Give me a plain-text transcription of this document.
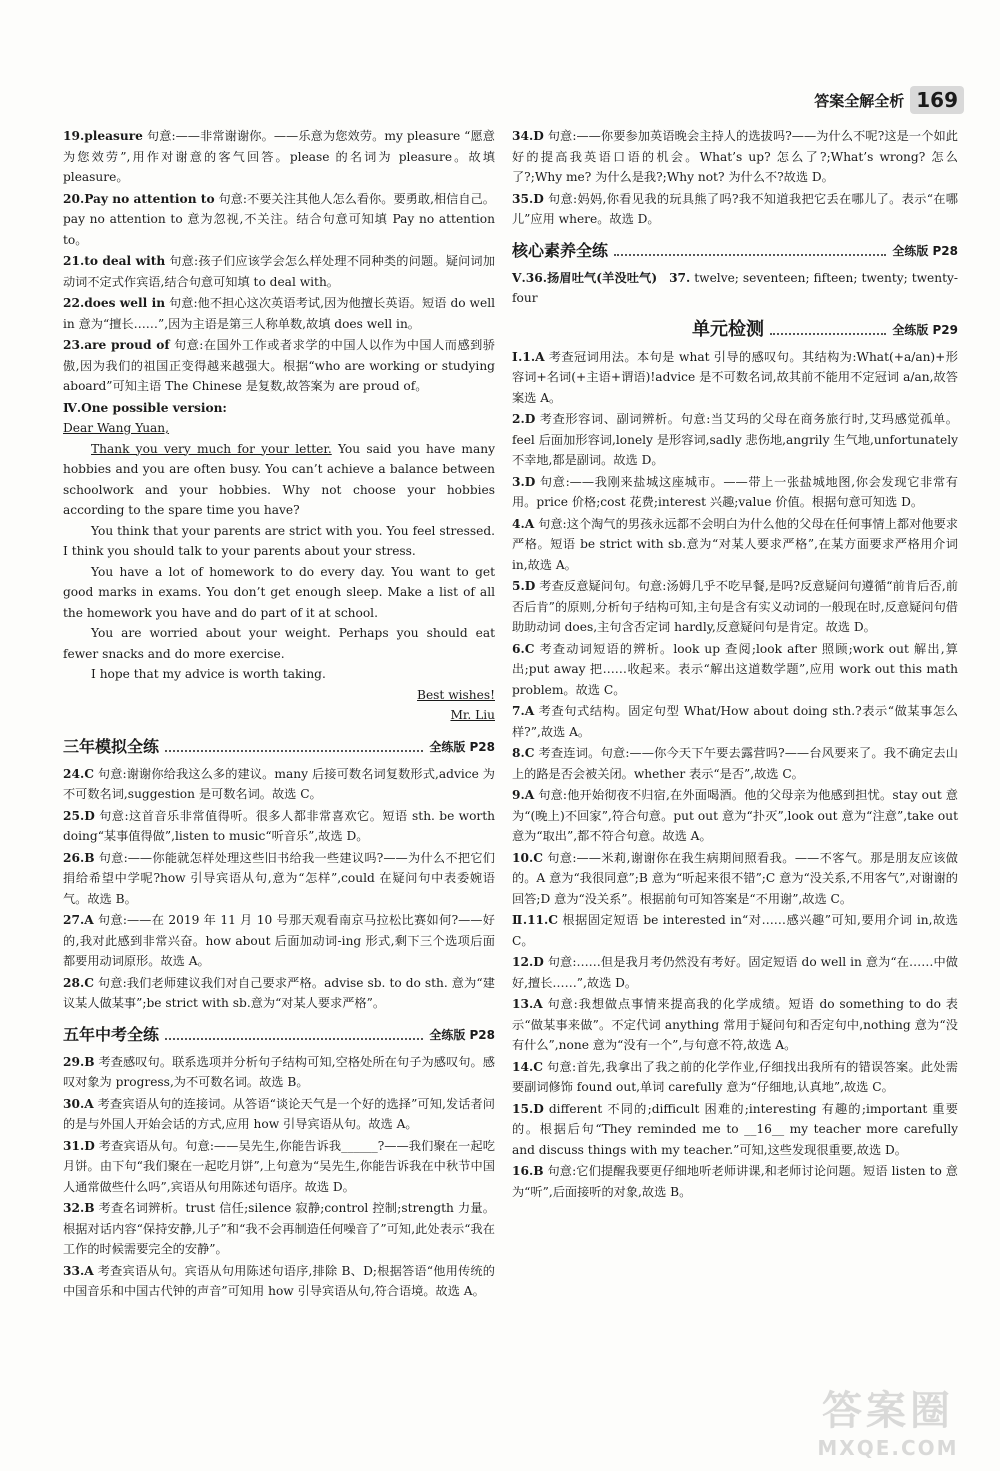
答案全解全析 169
19.pleasure 句意:——非常谢谢你。——乐意为您效劳。my pleasure “愿意为您效劳”,用作对谢意的客气回答。please 的名词为 pleasure。故填 pleasure。
20.Pay no attention to 句意:不要关注其他人怎么看你。要勇敢,相信自己。pay no attention to 意为忽视,不关注。结合句意可知填 Pay no attention to。
21.to deal with 句意:孩子们应该学会怎么样处理不同种类的问题。疑问词加动词不定式作宾语,结合句意可知填 to deal with。
22.does well in 句意:他不担心这次英语考试,因为他擅长英语。短语 do well in 意为“擅长……”,因为主语是第三人称单数,故填 does well in。
23.are proud of 句意:在国外工作或者求学的中国人以作为中国人而感到骄傲,因为我们的祖国正变得越来越强大。根据“who are working or studying aboard”可知主语 The Chinese 是复数,故答案为 are proud of。
Ⅳ.One possible version:

Dear Wang Yuan,

Thank you very much for your letter. You said you have many hobbies and you are often busy. You can’t achieve a balance between schoolwork and your hobbies. Why not choose your hobbies according to the spare time you have?

You think that your parents are strict with you. You feel stressed. I think you should talk to your parents about your stress.

You have a lot of homework to do every day. You want to get good marks in exams. You don’t get enough sleep. Make a list of all the homework you have and do part of it at school.

You are worried about your weight. Perhaps you should eat fewer snacks and do more exercise.

I hope that my advice is worth taking.

Best wishes!

Mr. Liu

三年模拟全练	全练版 P28
24.C 句意:谢谢你给我这么多的建议。many 后接可数名词复数形式,advice 为不可数名词,suggestion 是可数名词。故选 C。
25.D 句意:这首音乐非常值得听。很多人都非常喜欢它。短语 sth. be worth doing“某事值得做”,listen to music“听音乐”,故选 D。
26.B 句意:——你能就怎样处理这些旧书给我一些建议吗?——为什么不把它们捐给希望中学呢?how 引导宾语从句,意为“怎样”,could 在疑问句中表委婉语气。故选 B。
27.A 句意:——在 2019 年 11 月 10 号那天观看南京马拉松比赛如何?——好的,我对此感到非常兴奋。how about 后面加动词-ing 形式,剩下三个选项后面都要用动词原形。故选 A。
28.C 句意:我们老师建议我们对自己要求严格。advise sb. to do sth. 意为“建议某人做某事”;be strict with sb.意为“对某人要求严格”。
五年中考全练	全练版 P28
29.B 考查感叹句。联系选项并分析句子结构可知,空格处所在句子为感叹句。感叹对象为 progress,为不可数名词。故选 B。
30.A 考查宾语从句的连接词。从答语“谈论天气是一个好的选择”可知,发话者问的是与外国人开始会话的方式,应用 how 引导宾语从句。故选 A。
31.D 考查宾语从句。句意:——吴先生,你能告诉我______?——我们聚在一起吃月饼。由下句“我们聚在一起吃月饼”,上句意为“吴先生,你能告诉我在中秋节中国人通常做些什么吗”,宾语从句用陈述句语序。故选 D。
32.B 考查名词辨析。trust 信任;silence 寂静;control 控制;strength 力量。根据对话内容“保持安静,儿子”和“我不会再制造任何噪音了”可知,此处表示“我在工作的时候需要完全的安静”。
33.A 考查宾语从句。宾语从句用陈述句语序,排除 B、D;根据答语“他用传统的中国音乐和中国古代钟的声音”可知用 how 引导宾语从句,符合语境。故选 A。
34.D 句意:——你要参加英语晚会主持人的选拔吗?——为什么不呢?这是一个如此好的提高我英语口语的机会。What’s up? 怎么了?;What’s wrong? 怎么了?;Why me? 为什么是我?;Why not? 为什么不?故选 D。
35.D 句意:妈妈,你看见我的玩具熊了吗?我不知道我把它丢在哪儿了。表示“在哪儿”应用 where。故选 D。
核心素养全练	全练版 P28
Ⅴ.36.扬眉吐气(羊没吐气) 37. twelve; seventeen; fifteen; twenty; twenty-four
单元检测	全练版 P29
Ⅰ.1.A 考查冠词用法。本句是 what 引导的感叹句。其结构为:What(+a/an)+形容词+名词(+主语+谓语)!advice 是不可数名词,故其前不能用不定冠词 a/an,故答案选 A。
2.D 考查形容词、副词辨析。句意:当艾玛的父母在商务旅行时,艾玛感觉孤单。feel 后面加形容词,lonely 是形容词,sadly 悲伤地,angrily 生气地,unfortunately 不幸地,都是副词。故选 D。
3.D 句意:——我刚来盐城这座城市。——带上一张盐城地图,你会发现它非常有用。price 价格;cost 花费;interest 兴趣;value 价值。根据句意可知选 D。
4.A 句意:这个淘气的男孩永远都不会明白为什么他的父母在任何事情上都对他要求严格。短语 be strict with sb.意为“对某人要求严格”,在某方面要求严格用介词 in,故选 A。
5.D 考查反意疑问句。句意:汤姆几乎不吃早餐,是吗?反意疑问句遵循“前肯后否,前否后肯”的原则,分析句子结构可知,主句是含有实义动词的一般现在时,反意疑问句借助助动词 does,主句含否定词 hardly,反意疑问句是肯定。故选 D。
6.C 考查动词短语的辨析。look up 查阅;look after 照顾;work out 解出,算出;put away 把……收起来。表示“解出这道数学题”,应用 work out this math problem。故选 C。
7.A 考查句式结构。固定句型 What/How about doing sth.?表示“做某事怎么样?”,故选 A。
8.C 考查连词。句意:——你今天下午要去露营吗?——台风要来了。我不确定去山上的路是否会被关闭。whether 表示“是否”,故选 C。
9.A 句意:他开始彻夜不归宿,在外面喝酒。他的父母亲为他感到担忧。stay out 意为“(晚上)不回家”,符合句意。put out 意为“扑灭”,look out 意为“注意”,take out 意为“取出”,都不符合句意。故选 A。
10.C 句意:——米莉,谢谢你在我生病期间照看我。——不客气。那是朋友应该做的。A 意为“我很同意”;B 意为“听起来很不错”;C 意为“没关系,不用客气”,对谢谢的回答;D 意为“没关系”。根据前句可知答案是“不用谢”,故选 C。
Ⅱ.11.C 根据固定短语 be interested in“对……感兴趣”可知,要用介词 in,故选 C。
12.D 句意:……但是我月考仍然没有考好。固定短语 do well in 意为“在……中做好,擅长……”,故选 D。
13.A 句意:我想做点事情来提高我的化学成绩。短语 do something to do 表示“做某事来做”。不定代词 anything 常用于疑问句和否定句中,nothing 意为“没有什么”,none 意为“没有一个”,与句意不符,故选 A。
14.C 句意:首先,我拿出了我之前的化学作业,仔细找出我所有的错误答案。此处需要副词修饰 found out,单词 carefully 意为“仔细地,认真地”,故选 C。
15.D different 不同的;difficult 困难的;interesting 有趣的;important 重要的。根据后句“They reminded me to __16__ my teacher more carefully and discuss things with my teacher.”可知,这些发现很重要,故选 D。
16.B 句意:它们提醒我要更仔细地听老师讲课,和老师讨论问题。短语 listen to 意为“听”,后面接听的对象,故选 B。
答案圈
MXQE.COM
